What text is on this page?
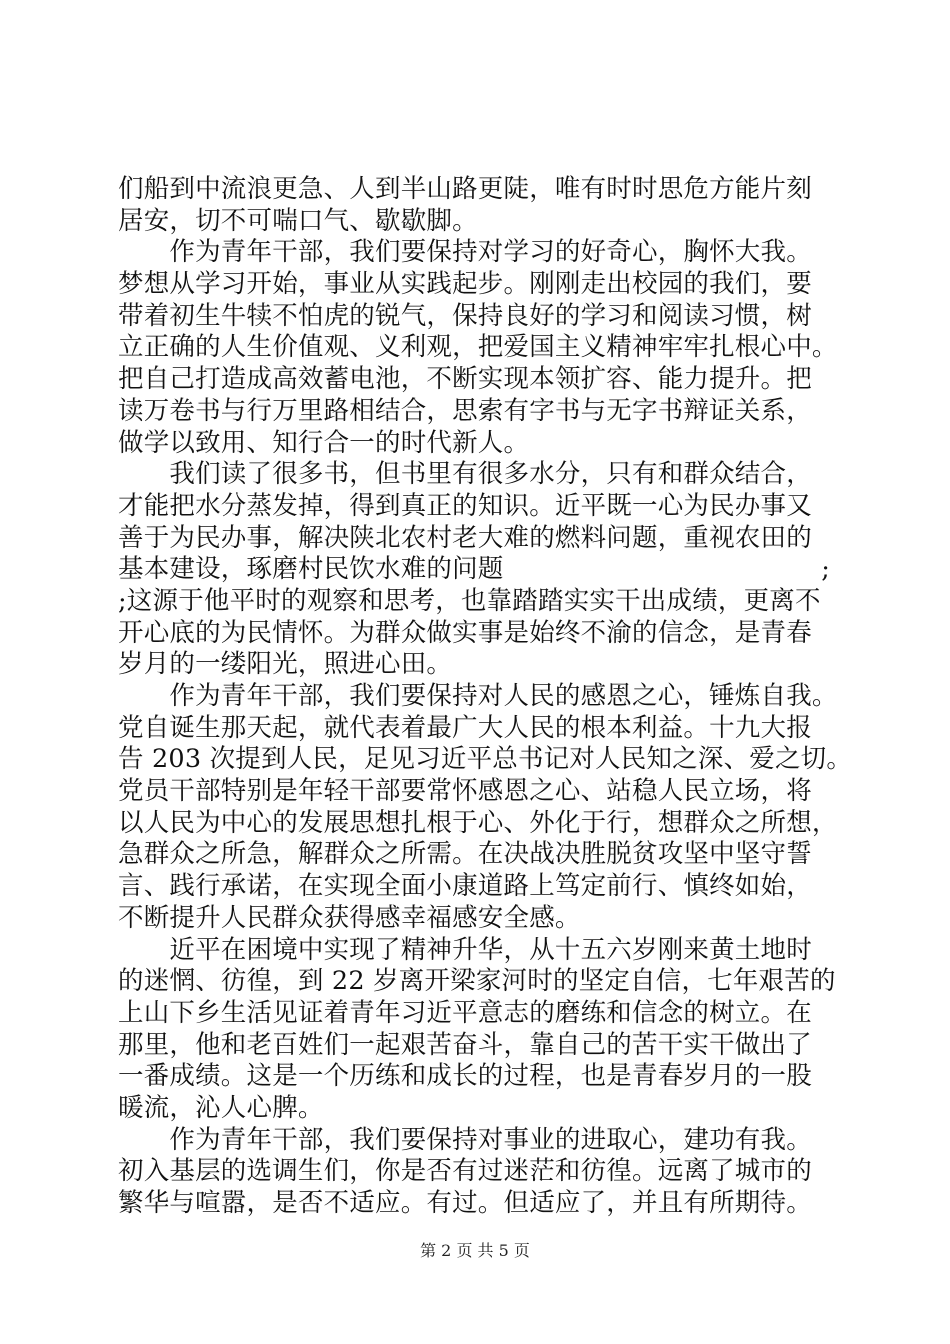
们船到中流浪更急、人到半山路更陡，唯有时时思危方能片刻
居安，切不可喘口气、歇歇脚。
　　作为青年干部，我们要保持对学习的好奇心，胸怀大我。
梦想从学习开始，事业从实践起步。刚刚走出校园的我们，要
带着初生牛犊不怕虎的锐气，保持良好的学习和阅读习惯，树
立正确的人生价值观、义利观，把爱国主义精神牢牢扎根心中。
把自己打造成高效蓄电池，不断实现本领扩容、能力提升。把
读万卷书与行万里路相结合，思索有字书与无字书辩证关系，
做学以致用、知行合一的时代新人。
　　我们读了很多书，但书里有很多水分，只有和群众结合，
才能把水分蒸发掉，得到真正的知识。近平既一心为民办事又
善于为民办事，解决陕北农村老大难的燃料问题，重视农田的
基本建设，琢磨村民饮水难的问题	;
;这源于他平时的观察和思考，也靠踏踏实实干出成绩，更离不
开心底的为民情怀。为群众做实事是始终不渝的信念，是青春
岁月的一缕阳光，照进心田。
　　作为青年干部，我们要保持对人民的感恩之心，锤炼自我。
党自诞生那天起，就代表着最广大人民的根本利益。十九大报
告 203 次提到人民，足见习近平总书记对人民知之深、爱之切。
党员干部特别是年轻干部要常怀感恩之心、站稳人民立场，将
以人民为中心的发展思想扎根于心、外化于行，想群众之所想，
急群众之所急，解群众之所需。在决战决胜脱贫攻坚中坚守誓
言、践行承诺，在实现全面小康道路上笃定前行、慎终如始，
不断提升人民群众获得感幸福感安全感。
　　近平在困境中实现了精神升华，从十五六岁刚来黄土地时
的迷惘、彷徨，到 22 岁离开梁家河时的坚定自信，七年艰苦的
上山下乡生活见证着青年习近平意志的磨练和信念的树立。在
那里，他和老百姓们一起艰苦奋斗，靠自己的苦干实干做出了
一番成绩。这是一个历练和成长的过程，也是青春岁月的一股
暖流，沁人心脾。
　　作为青年干部，我们要保持对事业的进取心，建功有我。
初入基层的选调生们，你是否有过迷茫和彷徨。远离了城市的
繁华与喧嚣，是否不适应。有过。但适应了，并且有所期待。
第 2 页 共 5 页
